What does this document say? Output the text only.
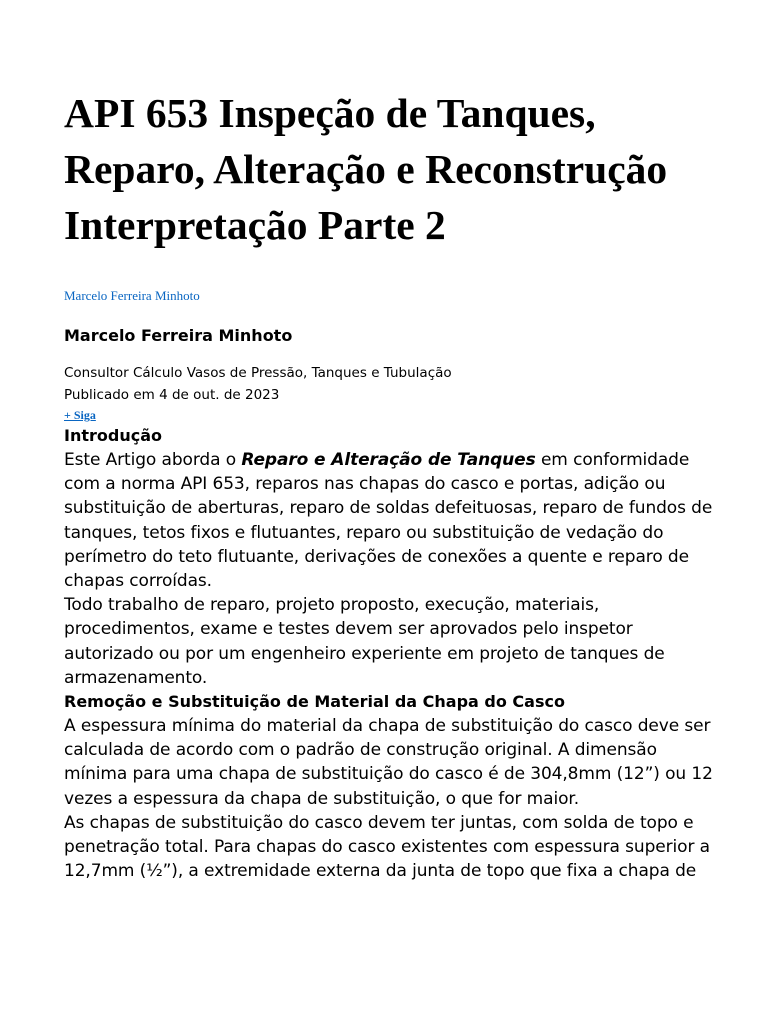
API 653 Inspeção de Tanques, Reparo, Alteração e Reconstrução Interpretação Parte 2
Marcelo Ferreira Minhoto
Marcelo Ferreira Minhoto
Consultor Cálculo Vasos de Pressão, Tanques e Tubulação
Publicado em 4 de out. de 2023
+ Siga
Introdução

Este Artigo aborda o Reparo e Alteração de Tanques em conformidade com a norma API 653, reparos nas chapas do casco e portas, adição ou substituição de aberturas, reparo de soldas defeituosas, reparo de fundos de tanques, tetos fixos e flutuantes, reparo ou substituição de vedação do perímetro do teto flutuante, derivações de conexões a quente e reparo de chapas corroídas.

Todo trabalho de reparo, projeto proposto, execução, materiais, procedimentos, exame e testes devem ser aprovados pelo inspetor autorizado ou por um engenheiro experiente em projeto de tanques de armazenamento.

Remoção e Substituição de Material da Chapa do Casco

A espessura mínima do material da chapa de substituição do casco deve ser calculada de acordo com o padrão de construção original. A dimensão mínima para uma chapa de substituição do casco é de 304,8mm (12”) ou 12 vezes a espessura da chapa de substituição, o que for maior.

As chapas de substituição do casco devem ter juntas, com solda de topo e penetração total. Para chapas do casco existentes com espessura superior a 12,7mm (½”), a extremidade externa da junta de topo que fixa a chapa de
